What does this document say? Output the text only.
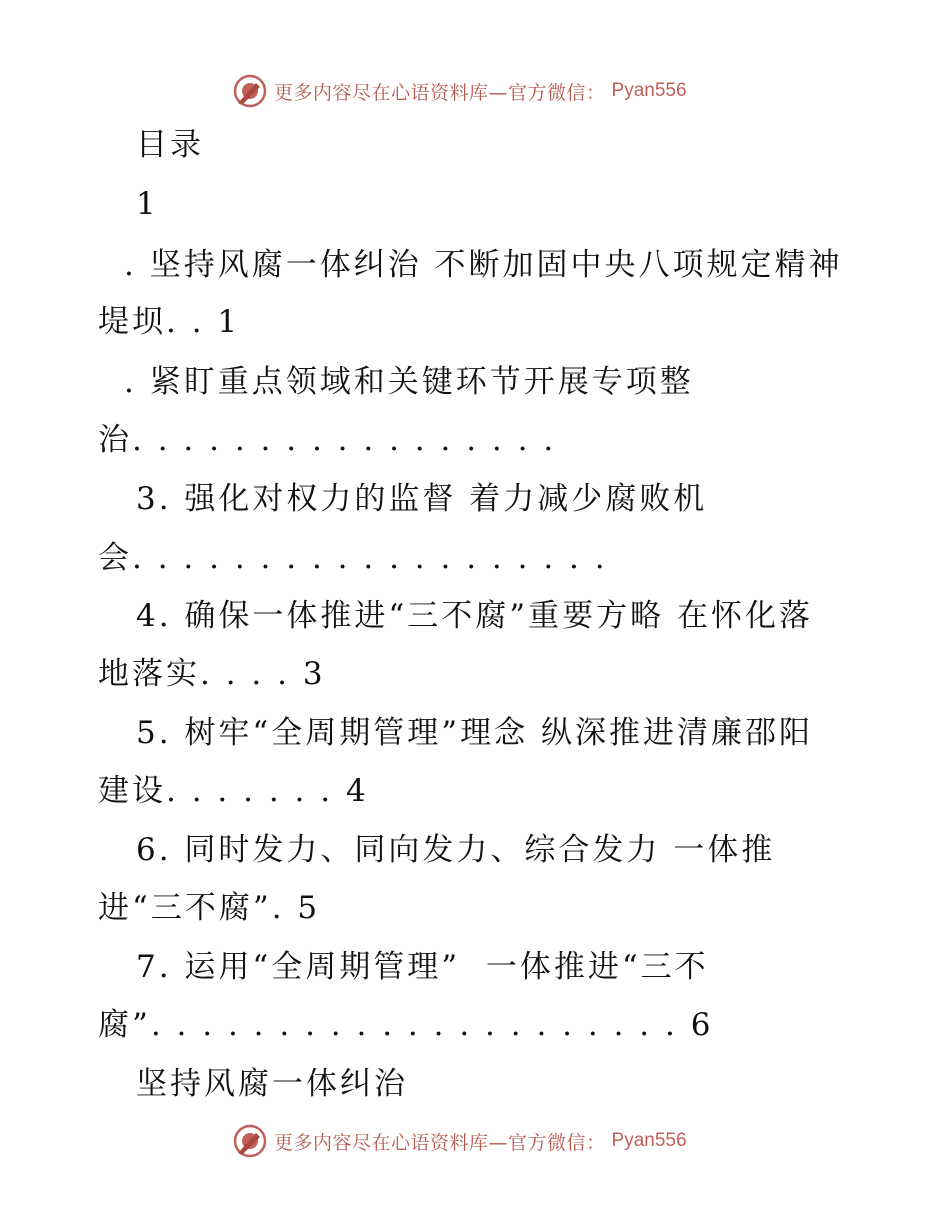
更多内容尽在心语资料库—官方微信： Pyan556
目录
1
. 坚持风腐一体纠治 不断加固中央八项规定精神
堤坝. . 1
. 紧盯重点领域和关键环节开展专项整
治. . . . . . . . . . . . . . . . .
3. 强化对权力的监督 着力减少腐败机
会. . . . . . . . . . . . . . . . . . .
4. 确保一体推进“三不腐”重要方略 在怀化落
地落实. . . . 3
5. 树牢“全周期管理”理念 纵深推进清廉邵阳
建设. . . . . . . 4
6. 同时发力、同向发力、综合发力 一体推
进“三不腐”. 5
7. 运用“全周期管理”  一体推进“三不
腐”. . . . . . . . . . . . . . . . . . . . . 6
坚持风腐一体纠治
更多内容尽在心语资料库—官方微信： Pyan556
